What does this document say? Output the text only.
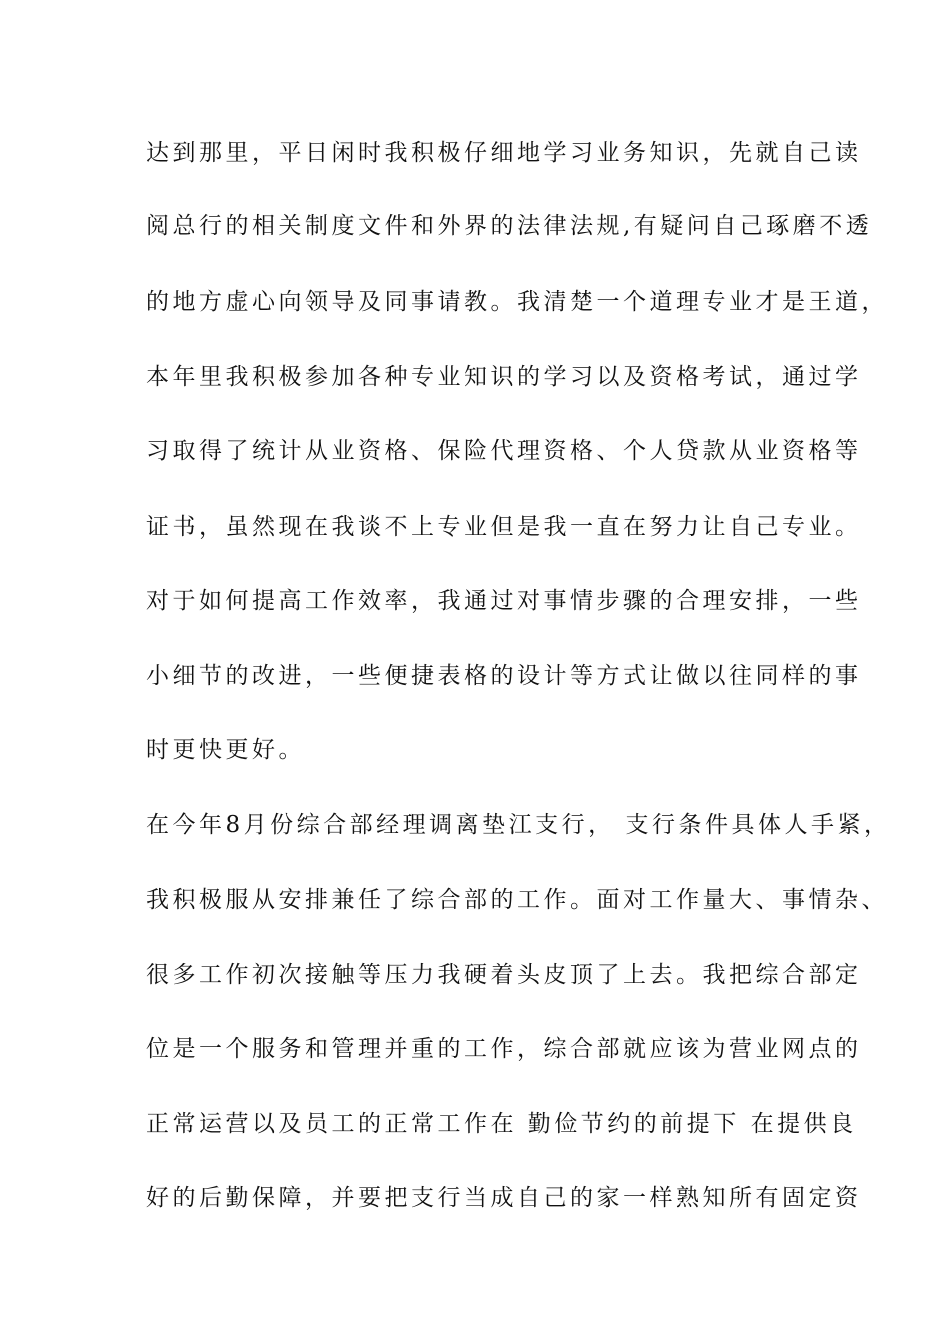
达到那里，平日闲时我积极仔细地学习业务知识，先就自己读
阅总行的相关制度文件和外界的法律法规,有疑问自己琢磨不透
的地方虚心向领导及同事请教。我清楚一个道理专业才是王道，
本年里我积极参加各种专业知识的学习以及资格考试，通过学
习取得了统计从业资格、保险代理资格、个人贷款从业资格等
证书，虽然现在我谈不上专业但是我一直在努力让自己专业。
对于如何提高工作效率，我通过对事情步骤的合理安排，一些
小细节的改进，一些便捷表格的设计等方式让做以往同样的事
时更快更好。
在今年8月份综合部经理调离垫江支行， 支行条件具体人手紧，
我积极服从安排兼任了综合部的工作。面对工作量大、事情杂、
很多工作初次接触等压力我硬着头皮顶了上去。我把综合部定
位是一个服务和管理并重的工作，综合部就应该为营业网点的
正常运营以及员工的正常工作在 勤俭节约的前提下 在提供良
好的后勤保障，并要把支行当成自己的家一样熟知所有固定资
